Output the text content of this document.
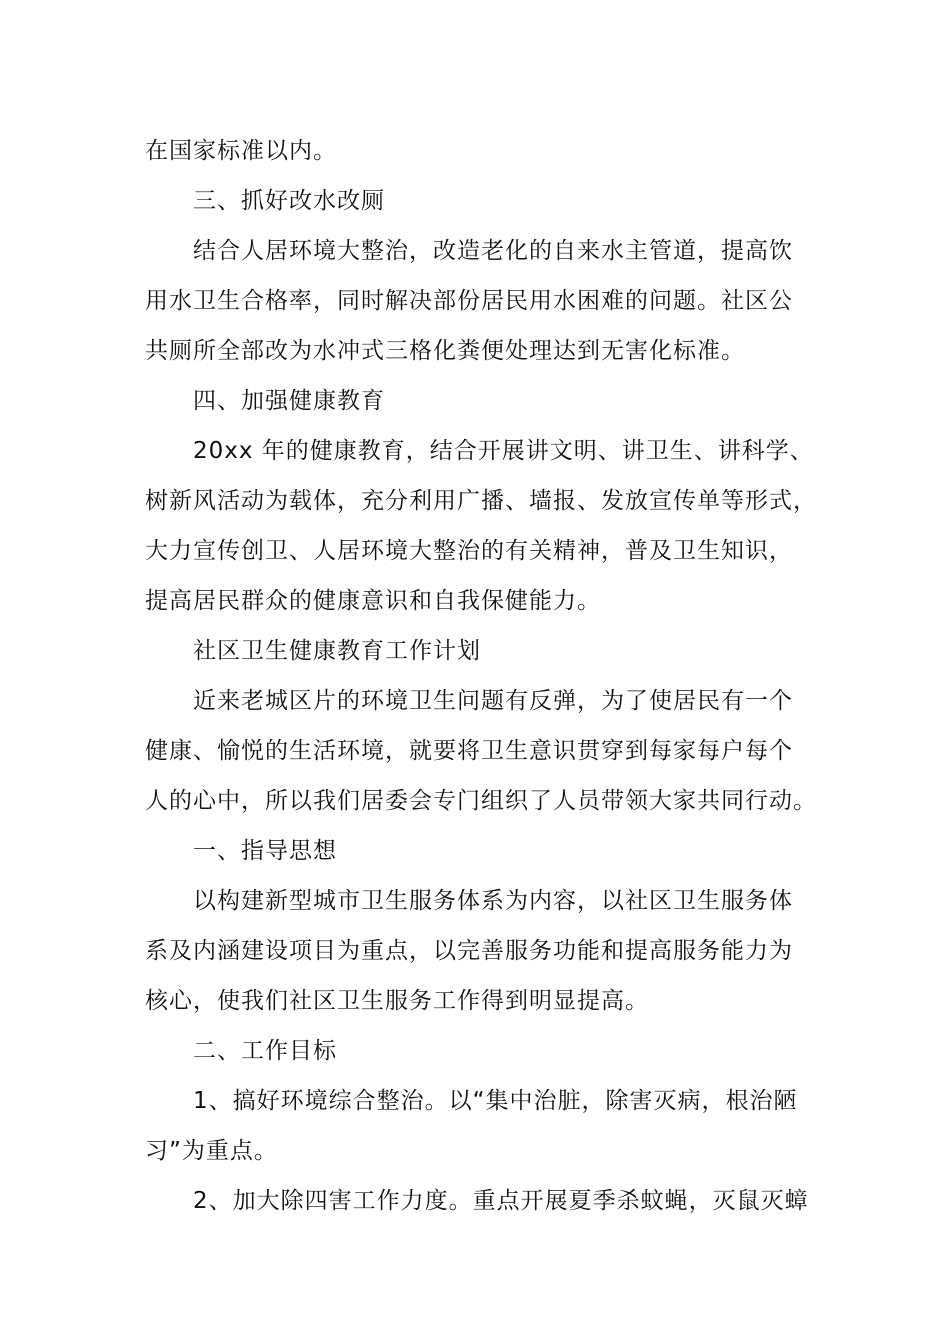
在国家标准以内。
三、抓好改水改厕
结合人居环境大整治，改造老化的自来水主管道，提高饮
用水卫生合格率，同时解决部份居民用水困难的问题。社区公
共厕所全部改为水冲式三格化粪便处理达到无害化标准。
四、加强健康教育
20xx 年的健康教育，结合开展讲文明、讲卫生、讲科学、
树新风活动为载体，充分利用广播、墙报、发放宣传单等形式，
大力宣传创卫、人居环境大整治的有关精神，普及卫生知识，
提高居民群众的健康意识和自我保健能力。
社区卫生健康教育工作计划
近来老城区片的环境卫生问题有反弹，为了使居民有一个
健康、愉悦的生活环境，就要将卫生意识贯穿到每家每户每个
人的心中，所以我们居委会专门组织了人员带领大家共同行动。
一、指导思想
以构建新型城市卫生服务体系为内容，以社区卫生服务体
系及内涵建设项目为重点，以完善服务功能和提高服务能力为
核心，使我们社区卫生服务工作得到明显提高。
二、工作目标
1、搞好环境综合整治。以“集中治脏，除害灭病，根治陋
习”为重点。
2、加大除四害工作力度。重点开展夏季杀蚊蝇，灭鼠灭蟑
